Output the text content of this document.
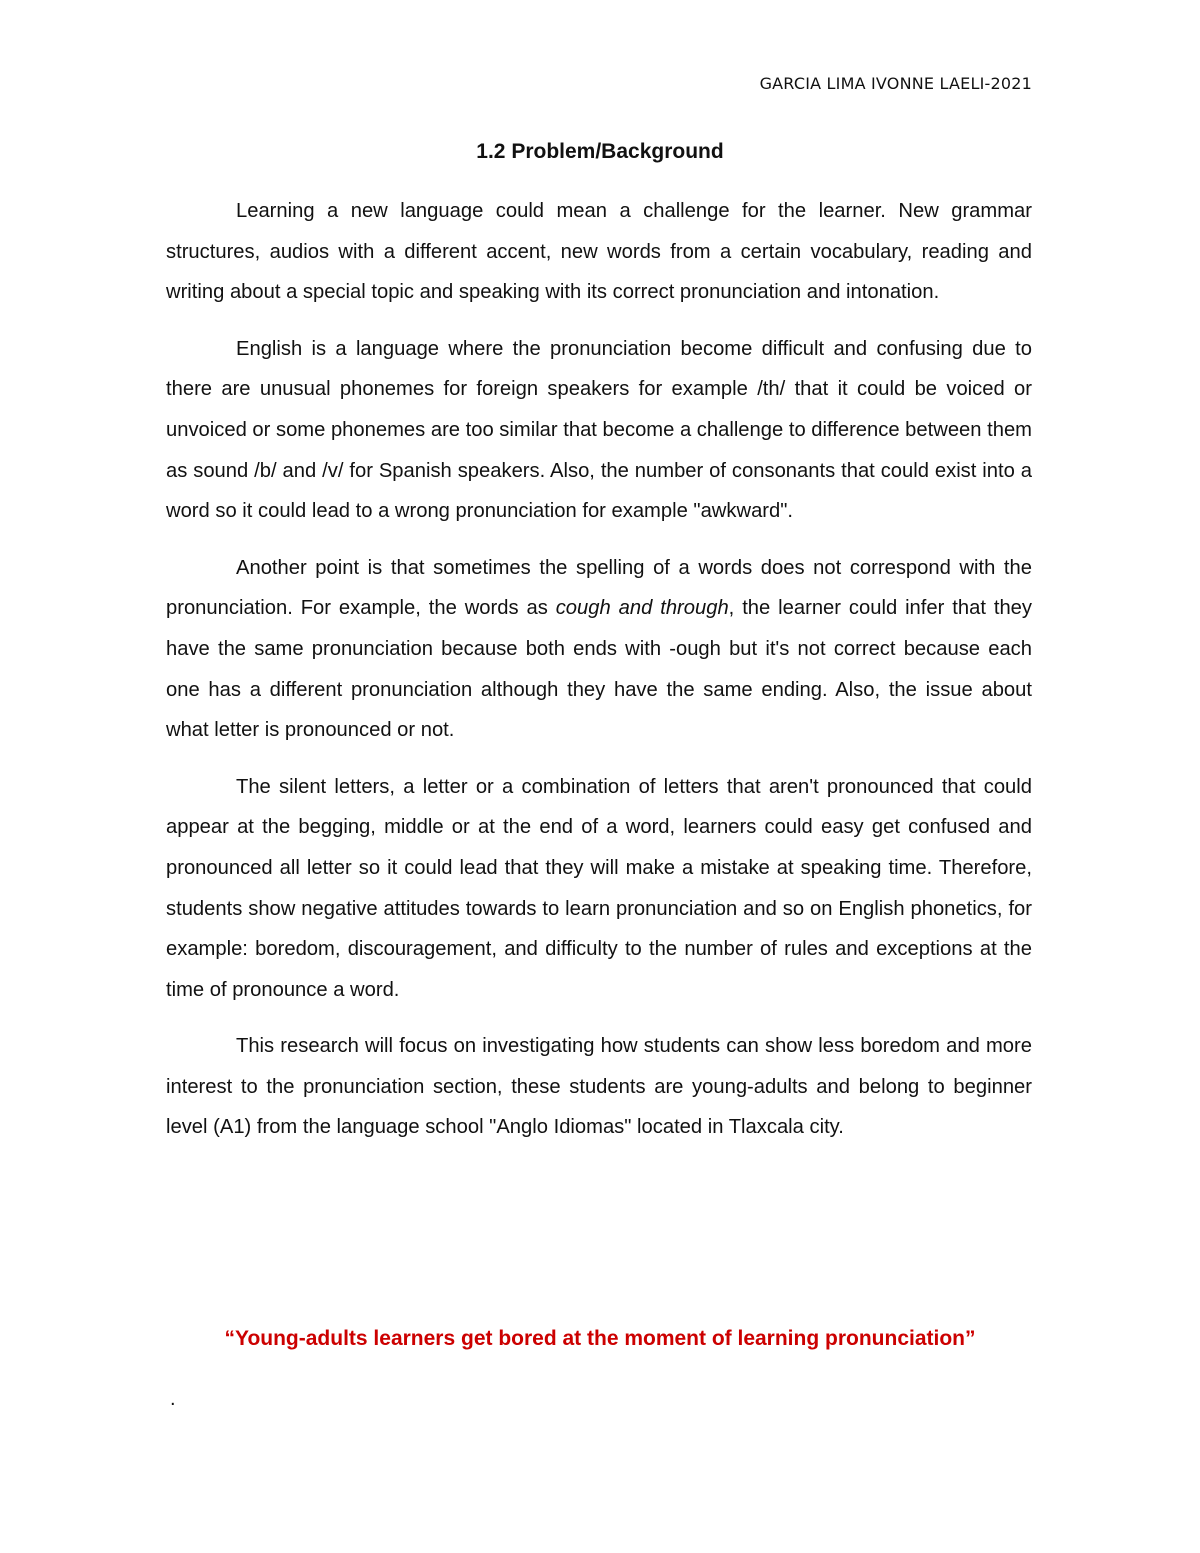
GARCIA LIMA IVONNE LAELI-2021
1.2 Problem/Background

Learning a new language could mean a challenge for the learner. New grammar structures, audios with a different accent, new words from a certain vocabulary, reading and writing about a special topic and speaking with its correct pronunciation and intonation.

English is a language where the pronunciation become difficult and confusing due to there are unusual phonemes for foreign speakers for example /th/ that it could be voiced or unvoiced or some phonemes are too similar that become a challenge to difference between them as sound /b/ and /v/ for Spanish speakers. Also, the number of consonants that could exist into a word so it could lead to a wrong pronunciation for example "awkward".

Another point is that sometimes the spelling of a words does not correspond with the pronunciation. For example, the words as cough and through, the learner could infer that they have the same pronunciation because both ends with -ough but it's not correct because each one has a different pronunciation although they have the same ending. Also, the issue about what letter is pronounced or not.

The silent letters, a letter or a combination of letters that aren't pronounced that could appear at the begging, middle or at the end of a word, learners could easy get confused and pronounced all letter so it could lead that they will make a mistake at speaking time. Therefore, students show negative attitudes towards to learn pronunciation and so on English phonetics, for example: boredom, discouragement, and difficulty to the number of rules and exceptions at the time of pronounce a word.

This research will focus on investigating how students can show less boredom and more interest to the pronunciation section, these students are young-adults and belong to beginner level (A1) from the language school "Anglo Idiomas" located in Tlaxcala city.

“Young-adults learners get bored at the moment of learning pronunciation”
.
